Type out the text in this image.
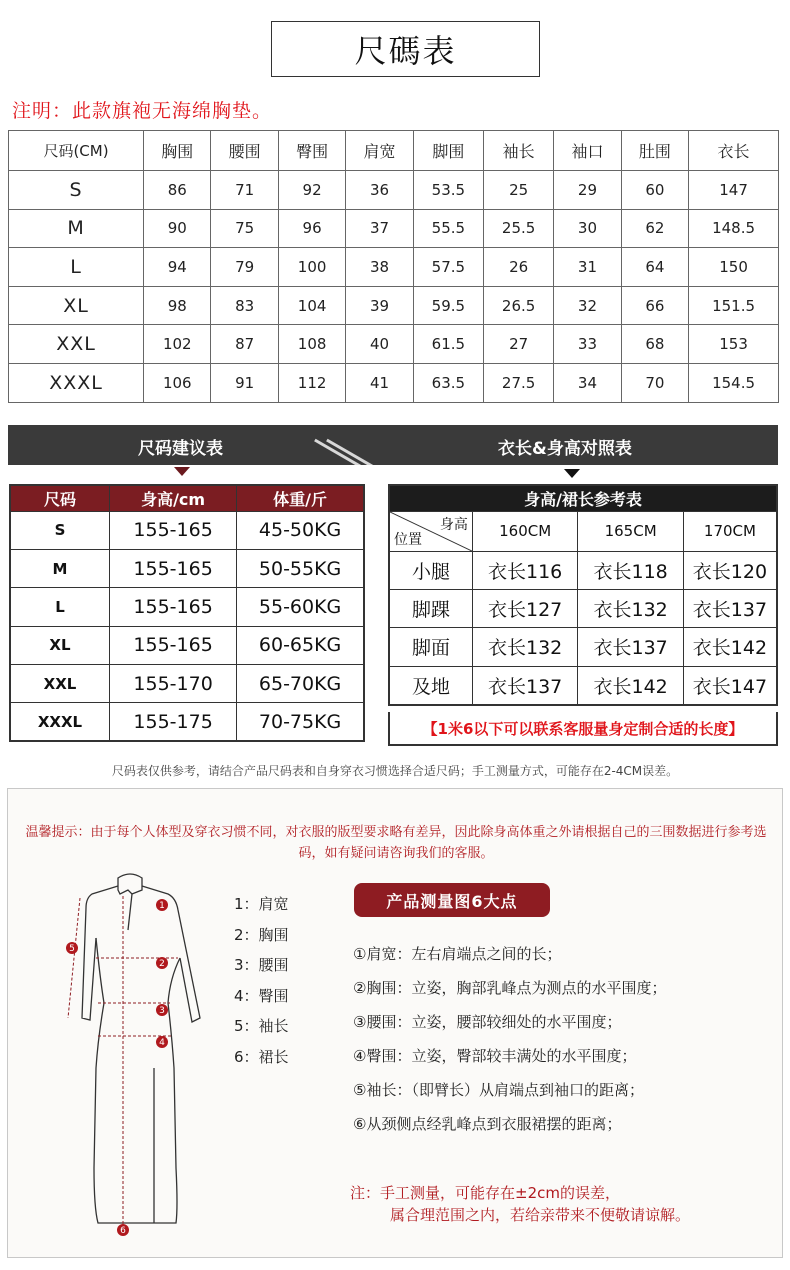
尺碼表
注明：此款旗袍无海绵胸垫。
尺码(CM)	胸围	腰围	臀围	肩宽	脚围	袖长	袖口	肚围	衣长
S	86	71	92	36	53.5	25	29	60	147
M	90	75	96	37	55.5	25.5	30	62	148.5
L	94	79	100	38	57.5	26	31	64	150
XL	98	83	104	39	59.5	26.5	32	66	151.5
XXL	102	87	108	40	61.5	27	33	68	153
XXXL	106	91	112	41	63.5	27.5	34	70	154.5
尺码建议表	衣长&身高对照表
尺码	身高/cm	体重/斤
S	155-165	45-50KG
M	155-165	50-55KG
L	155-165	55-60KG
XL	155-165	60-65KG
XXL	155-170	65-70KG
XXXL	155-175	70-75KG
身高/裙长参考表			

身高
位置	160CM	165CM	170CM
小腿	衣长116	衣长118	衣长120
脚踝	衣长127	衣长132	衣长137
脚面	衣长132	衣长137	衣长142
及地	衣长137	衣长142	衣长147
【1米6以下可以联系客服量身定制合适的长度】
尺码表仅供参考，请结合产品尺码表和自身穿衣习惯选择合适尺码；手工测量方式，可能存在2-4CM误差。
温馨提示：由于每个人体型及穿衣习惯不同，对衣服的版型要求略有差异，因此除身高体重之外请根据自己的三围数据进行参考选码，如有疑问请咨询我们的客服。
1
2
3
4
5
6
1：肩宽
2：胸围
3：腰围
4：臀围
5：袖长
6：裙长
产品测量图6大点
①肩宽：左右肩端点之间的长；
②胸围：立姿，胸部乳峰点为测点的水平围度；
③腰围：立姿，腰部较细处的水平围度；
④臀围：立姿，臀部较丰满处的水平围度；
⑤袖长：（即臂长）从肩端点到袖口的距离；
⑥从颈侧点经乳峰点到衣服裙摆的距离；
注：手工测量，可能存在±2cm的误差，
属合理范围之内，若给亲带来不便敬请谅解。
